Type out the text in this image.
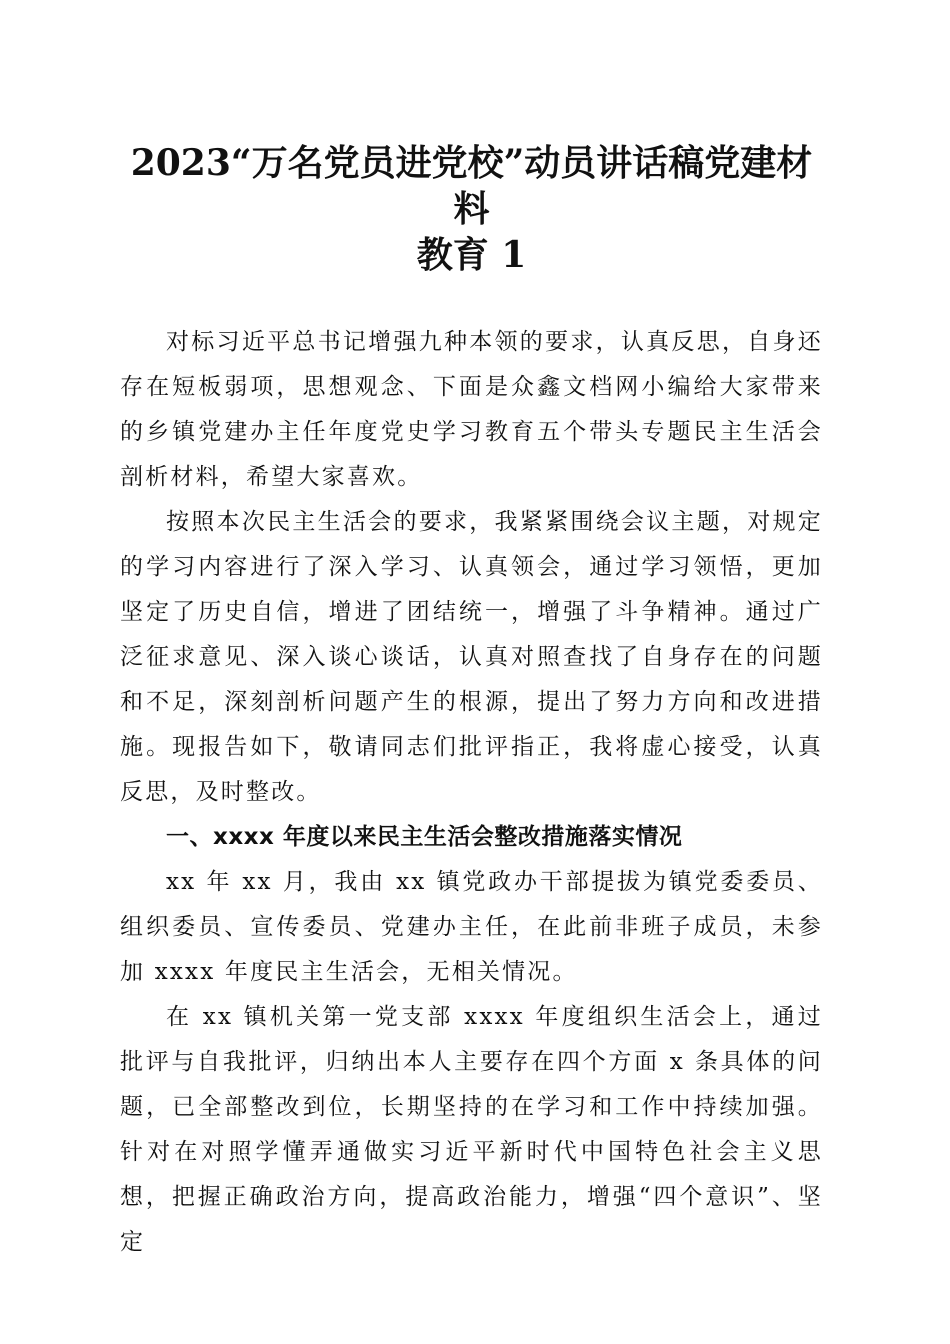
2023“万名党员进党校”动员讲话稿党建材料
教育 1

对标习近平总书记增强九种本领的要求，认真反思，自身还存在短板弱项，思想观念、下面是众鑫文档网小编给大家带来的乡镇党建办主任年度党史学习教育五个带头专题民主生活会剖析材料，希望大家喜欢。

按照本次民主生活会的要求，我紧紧围绕会议主题，对规定的学习内容进行了深入学习、认真领会，通过学习领悟，更加坚定了历史自信，增进了团结统一，增强了斗争精神。通过广泛征求意见、深入谈心谈话，认真对照查找了自身存在的问题和不足，深刻剖析问题产生的根源，提出了努力方向和改进措施。现报告如下，敬请同志们批评指正，我将虚心接受，认真反思，及时整改。

一、xxxx 年度以来民主生活会整改措施落实情况

xx 年 xx 月，我由 xx 镇党政办干部提拔为镇党委委员、组织委员、宣传委员、党建办主任，在此前非班子成员，未参加 xxxx 年度民主生活会，无相关情况。

在 xx 镇机关第一党支部 xxxx 年度组织生活会上，通过批评与自我批评，归纳出本人主要存在四个方面 x 条具体的问题，已全部整改到位，长期坚持的在学习和工作中持续加强。针对在对照学懂弄通做实习近平新时代中国特色社会主义思想，把握正确政治方向，提高政治能力，增强“四个意识”、坚定
